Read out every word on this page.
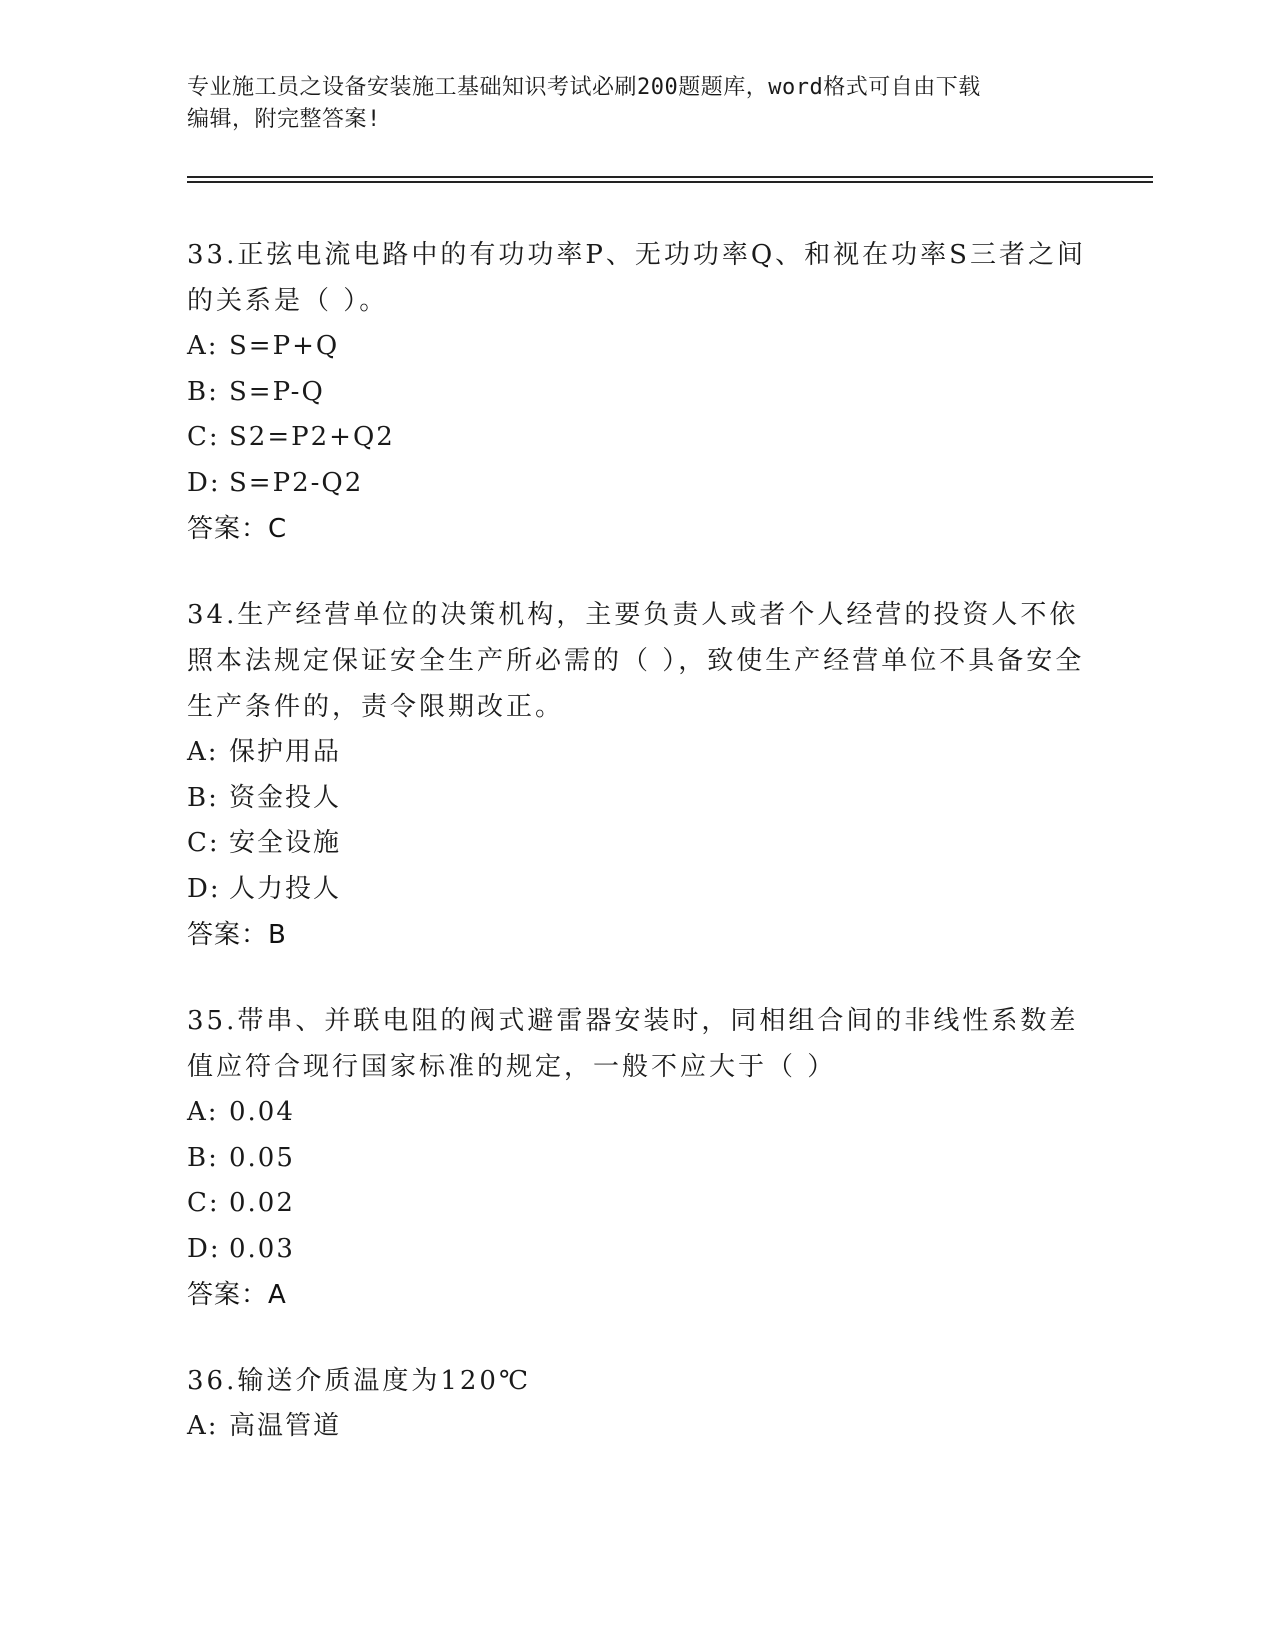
专业施工员之设备安装施工基础知识考试必刷200题题库，word格式可自由下载
编辑，附完整答案!

33.正弦电流电路中的有功功率P、无功功率Q、和视在功率S三者之间的关系是（ ）。

A: S=P+Q

B: S=P-Q

C: S2=P2+Q2

D: S=P2-Q2

答案：C

34.生产经营单位的决策机构，主要负责人或者个人经营的投资人不依照本法规定保证安全生产所必需的（ ），致使生产经营单位不具备安全生产条件的，责令限期改正。

A: 保护用品

B: 资金投人

C: 安全设施

D: 人力投人

答案：B

35.带串、并联电阻的阀式避雷器安装时，同相组合间的非线性系数差值应符合现行国家标准的规定，一般不应大于（ ）

A: 0.04

B: 0.05

C: 0.02

D: 0.03

答案：A

36.输送介质温度为120℃

A: 高温管道
